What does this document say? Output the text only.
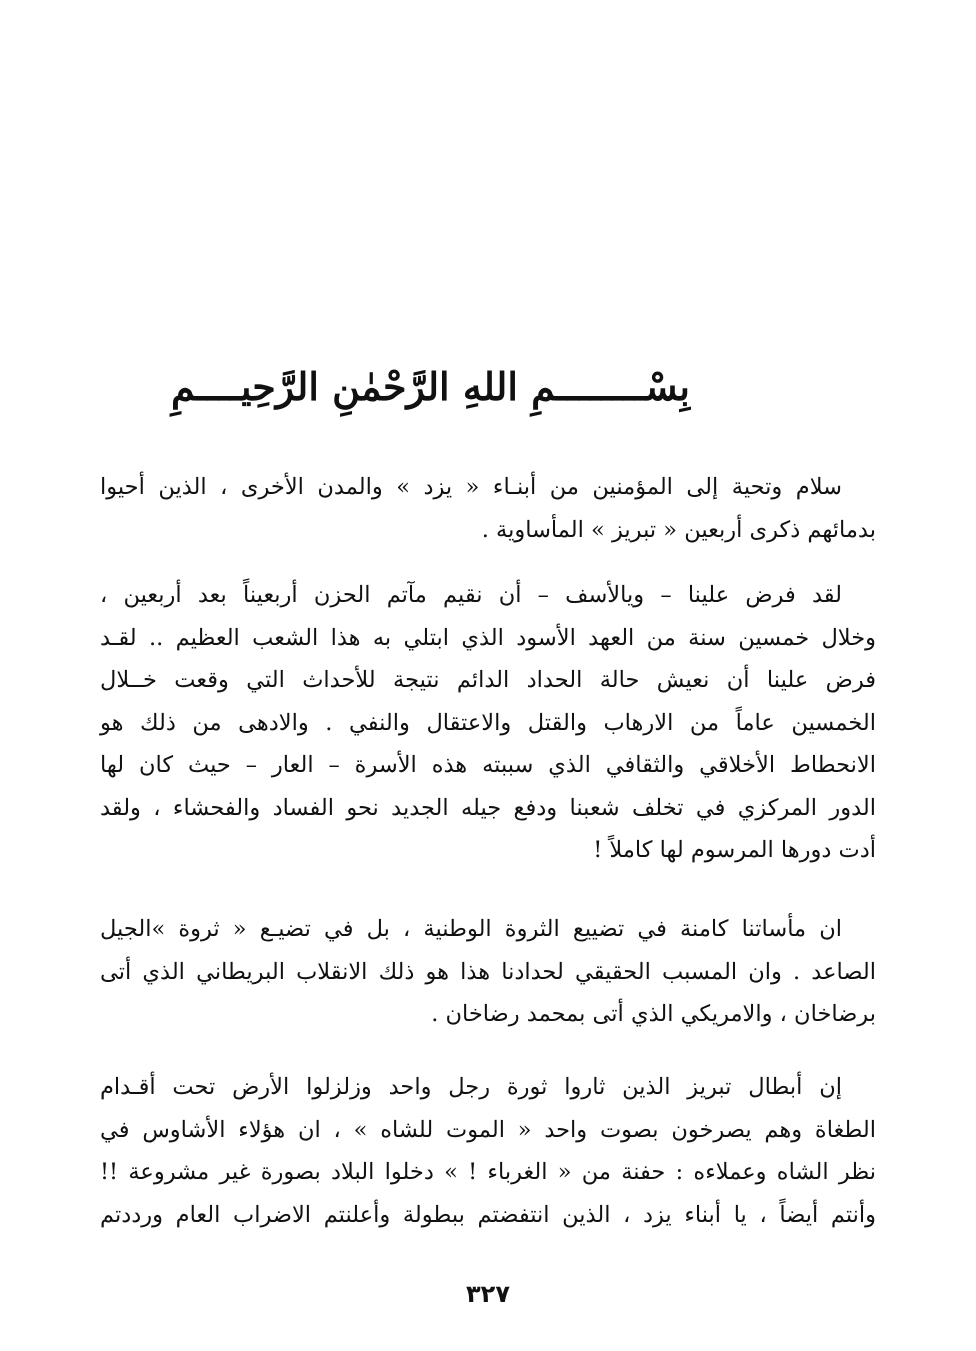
بِسْــــــــمِ اللهِ الرَّحْمٰنِ الرَّحِيــــمِ
سلام وتحية إلى المؤمنين من أبنـاء « يزد » والمدن الأخرى ، الذين أحيوا
بدمائهم ذكرى أربعين « تبريز » المأساوية .
لقد فرض علينا – ويالأسف – أن نقيم مآتم الحزن أربعيناً بعد أربعين ،
وخلال خمسين سنة من العهد الأسود الذي ابتلي به هذا الشعب العظيم .. لقـد
فرض علينا أن نعيش حالة الحداد الدائم نتيجة للأحداث التي وقعت خــلال
الخمسين عاماً من الارهاب والقتل والاعتقال والنفي . والادهى من ذلك هو
الانحطاط الأخلاقي والثقافي الذي سببته هذه الأسرة – العار – حيث كان لها
الدور المركزي في تخلف شعبنا ودفع جيله الجديد نحو الفساد والفحشاء ، ولقد
أدت دورها المرسوم لها كاملاً !
ان مأساتنا كامنة في تضييع الثروة الوطنية ، بل في تضيـع « ثروة »الجيل
الصاعد . وان المسبب الحقيقي لحدادنا هذا هو ذلك الانقلاب البريطاني الذي أتى
برضاخان ، والامريكي الذي أتى بمحمد رضاخان .
إن أبطال تبريز الذين ثاروا ثورة رجل واحد وزلزلوا الأرض تحت أقـدام
الطغاة وهم يصرخون بصوت واحد « الموت للشاه » ، ان هؤلاء الأشاوس في
نظر الشاه وعملاءه : حفنة من « الغرباء ! » دخلوا البلاد بصورة غير مشروعة !!
وأنتم أيضاً ، يا أبناء يزد ، الذين انتفضتم ببطولة وأعلنتم الاضراب العام ورددتم
٣٢٧
